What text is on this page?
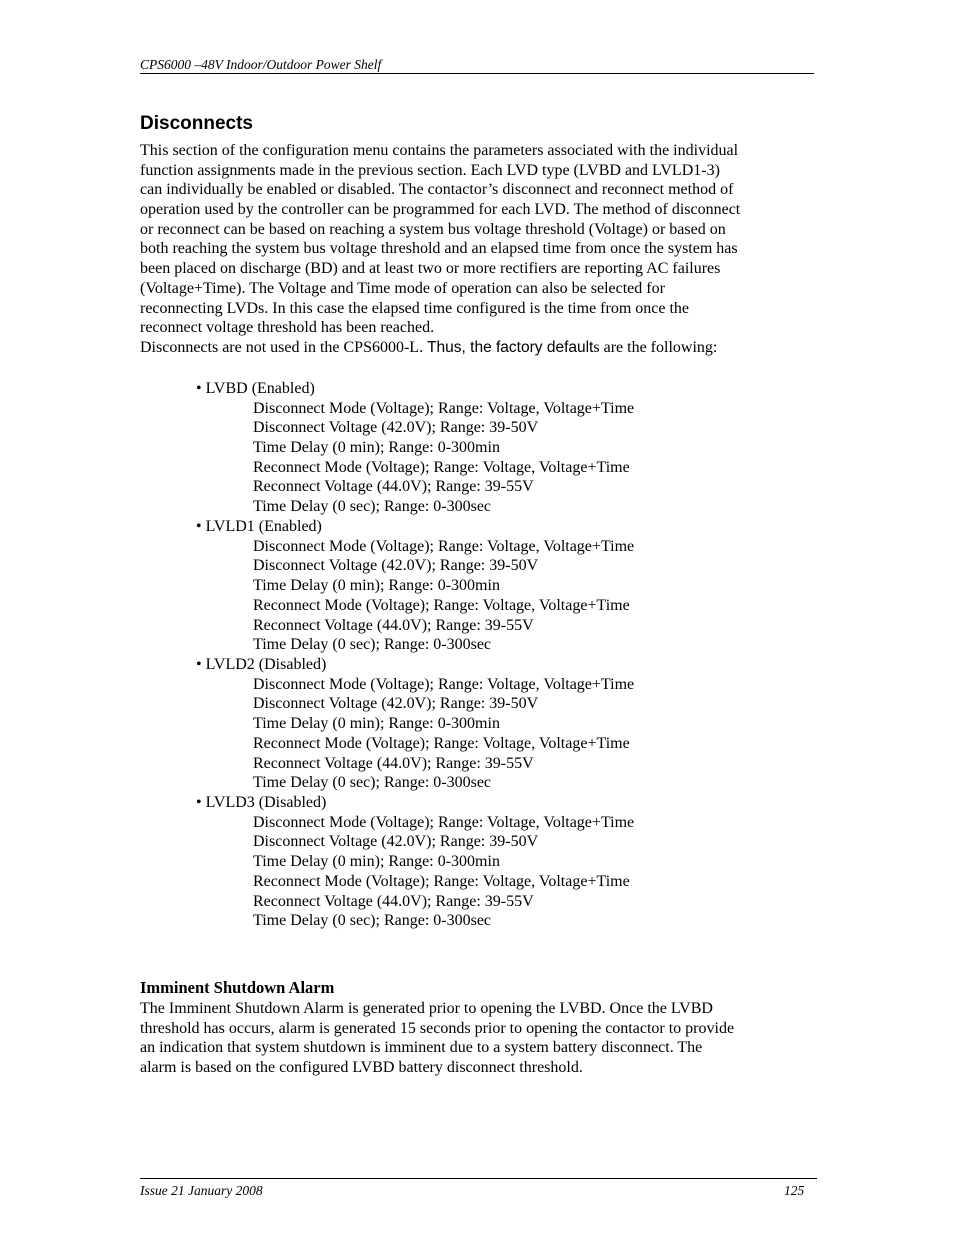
CPS6000 –48V Indoor/Outdoor Power Shelf
Disconnects
This section of the configuration menu contains the parameters associated with the individual
function assignments made in the previous section. Each LVD type (LVBD and LVLD1-3)
can individually be enabled or disabled. The contactor’s disconnect and reconnect method of
operation used by the controller can be programmed for each LVD. The method of disconnect
or reconnect can be based on reaching a system bus voltage threshold (Voltage) or based on
both reaching the system bus voltage threshold and an elapsed time from once the system has
been placed on discharge (BD) and at least two or more rectifiers are reporting AC failures
(Voltage+Time). The Voltage and Time mode of operation can also be selected for
reconnecting LVDs. In this case the elapsed time configured is the time from once the
reconnect voltage threshold has been reached.
Disconnects are not used in the CPS6000-L. Thus, the factory defaults are the following:
• LVBD (Enabled)
Disconnect Mode (Voltage); Range: Voltage, Voltage+Time
Disconnect Voltage (42.0V); Range: 39-50V
Time Delay (0 min); Range: 0-300min
Reconnect Mode (Voltage); Range: Voltage, Voltage+Time
Reconnect Voltage (44.0V); Range: 39-55V
Time Delay (0 sec); Range: 0-300sec
• LVLD1 (Enabled)
Disconnect Mode (Voltage); Range: Voltage, Voltage+Time
Disconnect Voltage (42.0V); Range: 39-50V
Time Delay (0 min); Range: 0-300min
Reconnect Mode (Voltage); Range: Voltage, Voltage+Time
Reconnect Voltage (44.0V); Range: 39-55V
Time Delay (0 sec); Range: 0-300sec
• LVLD2 (Disabled)
Disconnect Mode (Voltage); Range: Voltage, Voltage+Time
Disconnect Voltage (42.0V); Range: 39-50V
Time Delay (0 min); Range: 0-300min
Reconnect Mode (Voltage); Range: Voltage, Voltage+Time
Reconnect Voltage (44.0V); Range: 39-55V
Time Delay (0 sec); Range: 0-300sec
• LVLD3 (Disabled)
Disconnect Mode (Voltage); Range: Voltage, Voltage+Time
Disconnect Voltage (42.0V); Range: 39-50V
Time Delay (0 min); Range: 0-300min
Reconnect Mode (Voltage); Range: Voltage, Voltage+Time
Reconnect Voltage (44.0V); Range: 39-55V
Time Delay (0 sec); Range: 0-300sec
Imminent Shutdown Alarm
The Imminent Shutdown Alarm is generated prior to opening the LVBD. Once the LVBD
threshold has occurs, alarm is generated 15 seconds prior to opening the contactor to provide
an indication that system shutdown is imminent due to a system battery disconnect. The
alarm is based on the configured LVBD battery disconnect threshold.
Issue 21 January 2008	125
